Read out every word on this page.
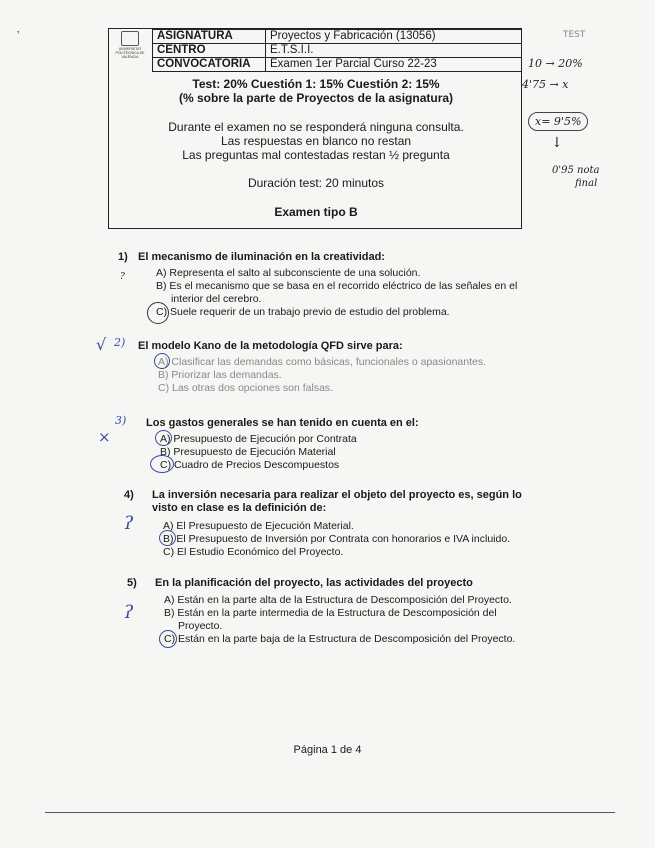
ʼ	TEST
UNIVERSITAT POLITÈCNICA DE VALÈNCIA
ASIGNATURA	Proyectos y Fabricación (13056)
CENTRO	E.T.S.I.I.
CONVOCATORIA	Examen 1er Parcial Curso 22-23
Test: 20% Cuestión 1: 15% Cuestión 2: 15%
(% sobre la parte de Proyectos de la asignatura)
Durante el examen no se responderá ninguna consulta.
Las respuestas en blanco no restan
Las preguntas mal contestadas restan ½ pregunta
Duración test: 20 minutos
Examen tipo B
10 → 20%
4'75 → x
x= 9'5%
↓
0'95 nota
final
1) El mecanismo de iluminación en la creatividad:
A) Representa el salto al subconsciente de una solución.
B) Es el mecanismo que se basa en el recorrido eléctrico de las señales en el
interior del cerebro.
C) Suele requerir de un trabajo previo de estudio del problema.
?
√ 2) El modelo Kano de la metodología QFD sirve para:
A) Clasificar las demandas como básicas, funcionales o apasionantes.
B) Priorizar las demandas.
C) Las otras dos opciones son falsas.
3)
×
Los gastos generales se han tenido en cuenta en el:
A) Presupuesto de Ejecución por Contrata
B) Presupuesto de Ejecución Material
C) Cuadro de Precios Descompuestos
4) La inversión necesaria para realizar el objeto del proyecto es, según lo
visto en clase es la definición de:
A) El Presupuesto de Ejecución Material.
B) El Presupuesto de Inversión por Contrata con honorarios e IVA incluido.
C) El Estudio Económico del Proyecto.
ʔ
5) En la planificación del proyecto, las actividades del proyecto
A) Están en la parte alta de la Estructura de Descomposición del Proyecto.
B) Están en la parte intermedia de la Estructura de Descomposición del
Proyecto.
C) Están en la parte baja de la Estructura de Descomposición del Proyecto.
ʔ
Página 1 de 4
